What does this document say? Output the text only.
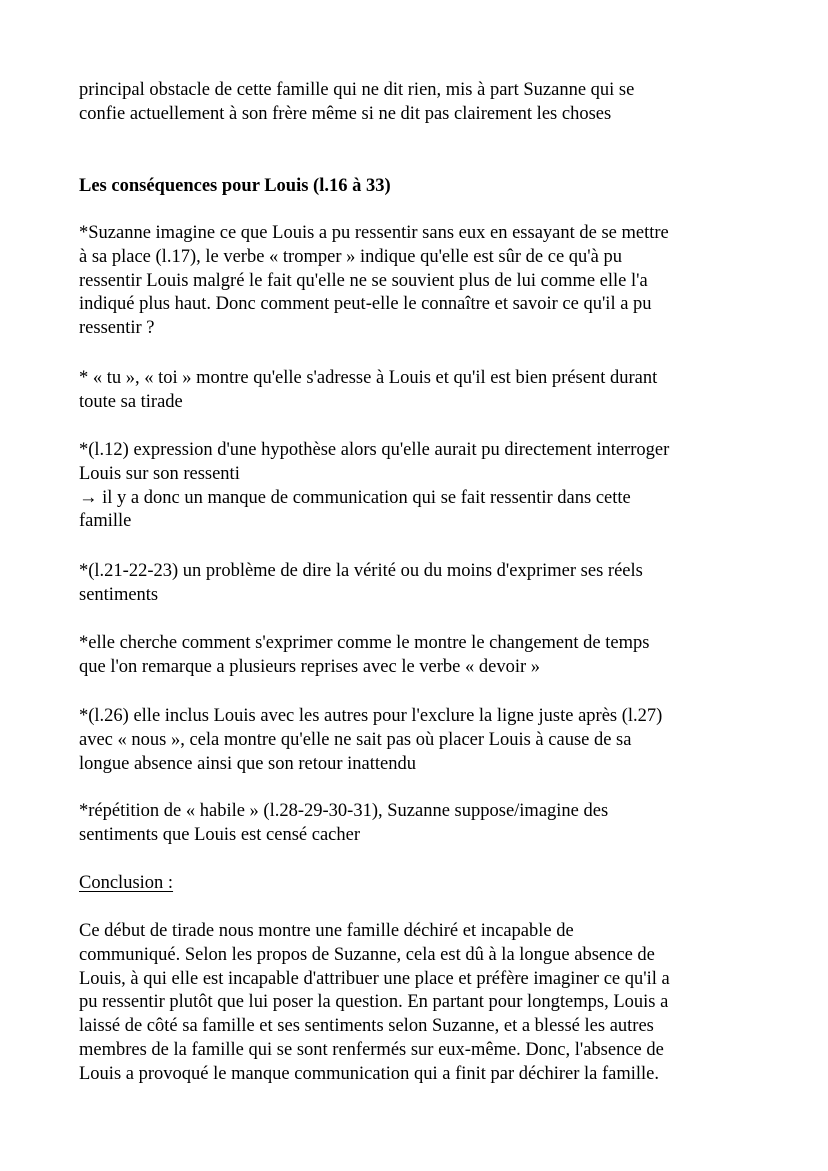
principal obstacle de cette famille qui ne dit rien, mis à part Suzanne qui se
confie actuellement à son frère même si ne dit pas clairement les choses

Les conséquences pour Louis (l.16 à 33)

*Suzanne imagine ce que Louis a pu ressentir sans eux en essayant de se mettre
à sa place (l.17), le verbe « tromper » indique qu'elle est sûr de ce qu'à pu
ressentir Louis malgré le fait qu'elle ne se souvient plus de lui comme elle l'a
indiqué plus haut. Donc comment peut-elle le connaître et savoir ce qu'il a pu
ressentir ?

* « tu », « toi » montre qu'elle s'adresse à Louis et qu'il est bien présent durant
toute sa tirade

*(l.12) expression d'une hypothèse alors qu'elle aurait pu directement interroger
Louis sur son ressenti
→ il y a donc un manque de communication qui se fait ressentir dans cette
famille

*(l.21-22-23) un problème de dire la vérité ou du moins d'exprimer ses réels
sentiments

*elle cherche comment s'exprimer comme le montre le changement de temps
que l'on remarque a plusieurs reprises avec le verbe « devoir »

*(l.26) elle inclus Louis avec les autres pour l'exclure la ligne juste après (l.27)
avec « nous », cela montre qu'elle ne sait pas où placer Louis à cause de sa
longue absence ainsi que son retour inattendu

*répétition de « habile » (l.28-29-30-31), Suzanne suppose/imagine des
sentiments que Louis est censé cacher

Conclusion :

Ce début de tirade nous montre une famille déchiré et incapable de
communiqué. Selon les propos de Suzanne, cela est dû à la longue absence de
Louis, à qui elle est incapable d'attribuer une place et préfère imaginer ce qu'il a
pu ressentir plutôt que lui poser la question. En partant pour longtemps, Louis a
laissé de côté sa famille et ses sentiments selon Suzanne, et a blessé les autres
membres de la famille qui se sont renfermés sur eux-même. Donc, l'absence de
Louis a provoqué le manque communication qui a finit par déchirer la famille.
